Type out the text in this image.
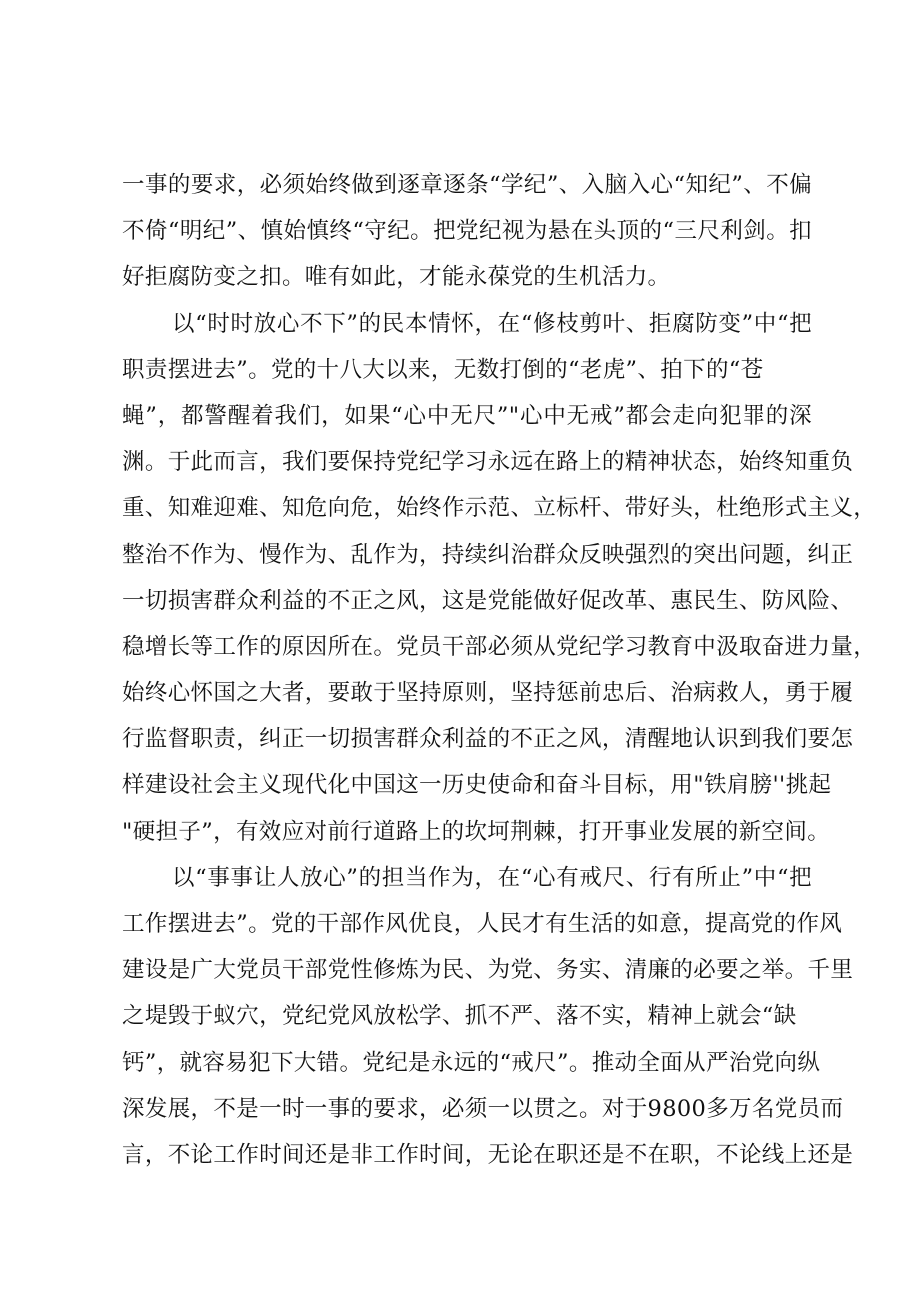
一事的要求，必须始终做到逐章逐条“学纪”、入脑入心“知纪”、不偏
不倚“明纪”、慎始慎终“守纪。把党纪视为悬在头顶的“三尺利剑。扣
好拒腐防变之扣。唯有如此，才能永葆党的生机活力。
以“时时放心不下”的民本情怀，在“修枝剪叶、拒腐防变”中“把
职责摆进去”。党的十八大以来，无数打倒的“老虎”、拍下的“苍
蝇”，都警醒着我们，如果“心中无尺”"心中无戒”都会走向犯罪的深
渊。于此而言，我们要保持党纪学习永远在路上的精神状态，始终知重负
重、知难迎难、知危向危，始终作示范、立标杆、带好头，杜绝形式主义，
整治不作为、慢作为、乱作为，持续纠治群众反映强烈的突出问题，纠正
一切损害群众利益的不正之风，这是党能做好促改革、惠民生、防风险、
稳增长等工作的原因所在。党员干部必须从党纪学习教育中汲取奋进力量，
始终心怀国之大者，要敢于坚持原则，坚持惩前忠后、治病救人，勇于履
行监督职责，纠正一切损害群众利益的不正之风，清醒地认识到我们要怎
样建设社会主义现代化中国这一历史使命和奋斗目标，用"铁肩膀''挑起
"硬担子”，有效应对前行道路上的坎坷荆棘，打开事业发展的新空间。
以“事事让人放心”的担当作为，在“心有戒尺、行有所止”中“把
工作摆进去”。党的干部作风优良，人民才有生活的如意，提高党的作风
建设是广大党员干部党性修炼为民、为党、务实、清廉的必要之举。千里
之堤毁于蚁穴，党纪党风放松学、抓不严、落不实，精神上就会“缺
钙”，就容易犯下大错。党纪是永远的“戒尺”。推动全面从严治党向纵
深发展，不是一时一事的要求，必须一以贯之。对于9800多万名党员而
言，不论工作时间还是非工作时间，无论在职还是不在职，不论线上还是
